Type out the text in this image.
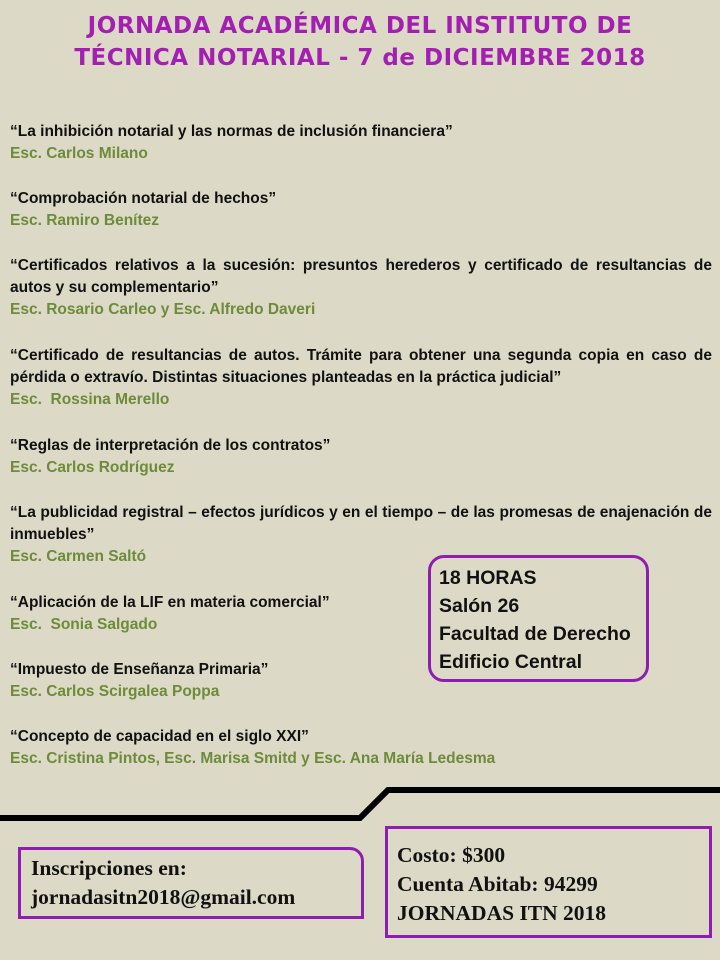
JORNADA ACADÉMICA DEL INSTITUTO DE
TÉCNICA NOTARIAL - 7 de DICIEMBRE 2018
“La inhibición notarial y las normas de inclusión financiera”
Esc. Carlos Milano
“Comprobación notarial de hechos”
Esc. Ramiro Benítez
“Certificados relativos a la sucesión: presuntos herederos y certificado de resultancias de autos y su complementario”
Esc. Rosario Carleo y Esc. Alfredo Daveri
“Certificado de resultancias de autos. Trámite para obtener una segunda copia en caso de pérdida o extravío. Distintas situaciones planteadas en la práctica judicial”
Esc.  Rossina Merello
“Reglas de interpretación de los contratos”
Esc. Carlos Rodríguez
“La publicidad registral – efectos jurídicos y en el tiempo – de las promesas de enajenación de inmuebles”
Esc. Carmen Saltó
“Aplicación de la LIF en materia comercial”
Esc.  Sonia Salgado
“Impuesto de Enseñanza Primaria”
Esc. Carlos Scirgalea Poppa
“Concepto de capacidad en el siglo XXI”
Esc. Cristina Pintos, Esc. Marisa Smitd y Esc. Ana María Ledesma
18 HORAS
Salón 26
Facultad de Derecho
Edificio Central
Inscripciones en:
jornadasitn2018@gmail.com
Costo: $300
Cuenta Abitab: 94299
JORNADAS ITN 2018
